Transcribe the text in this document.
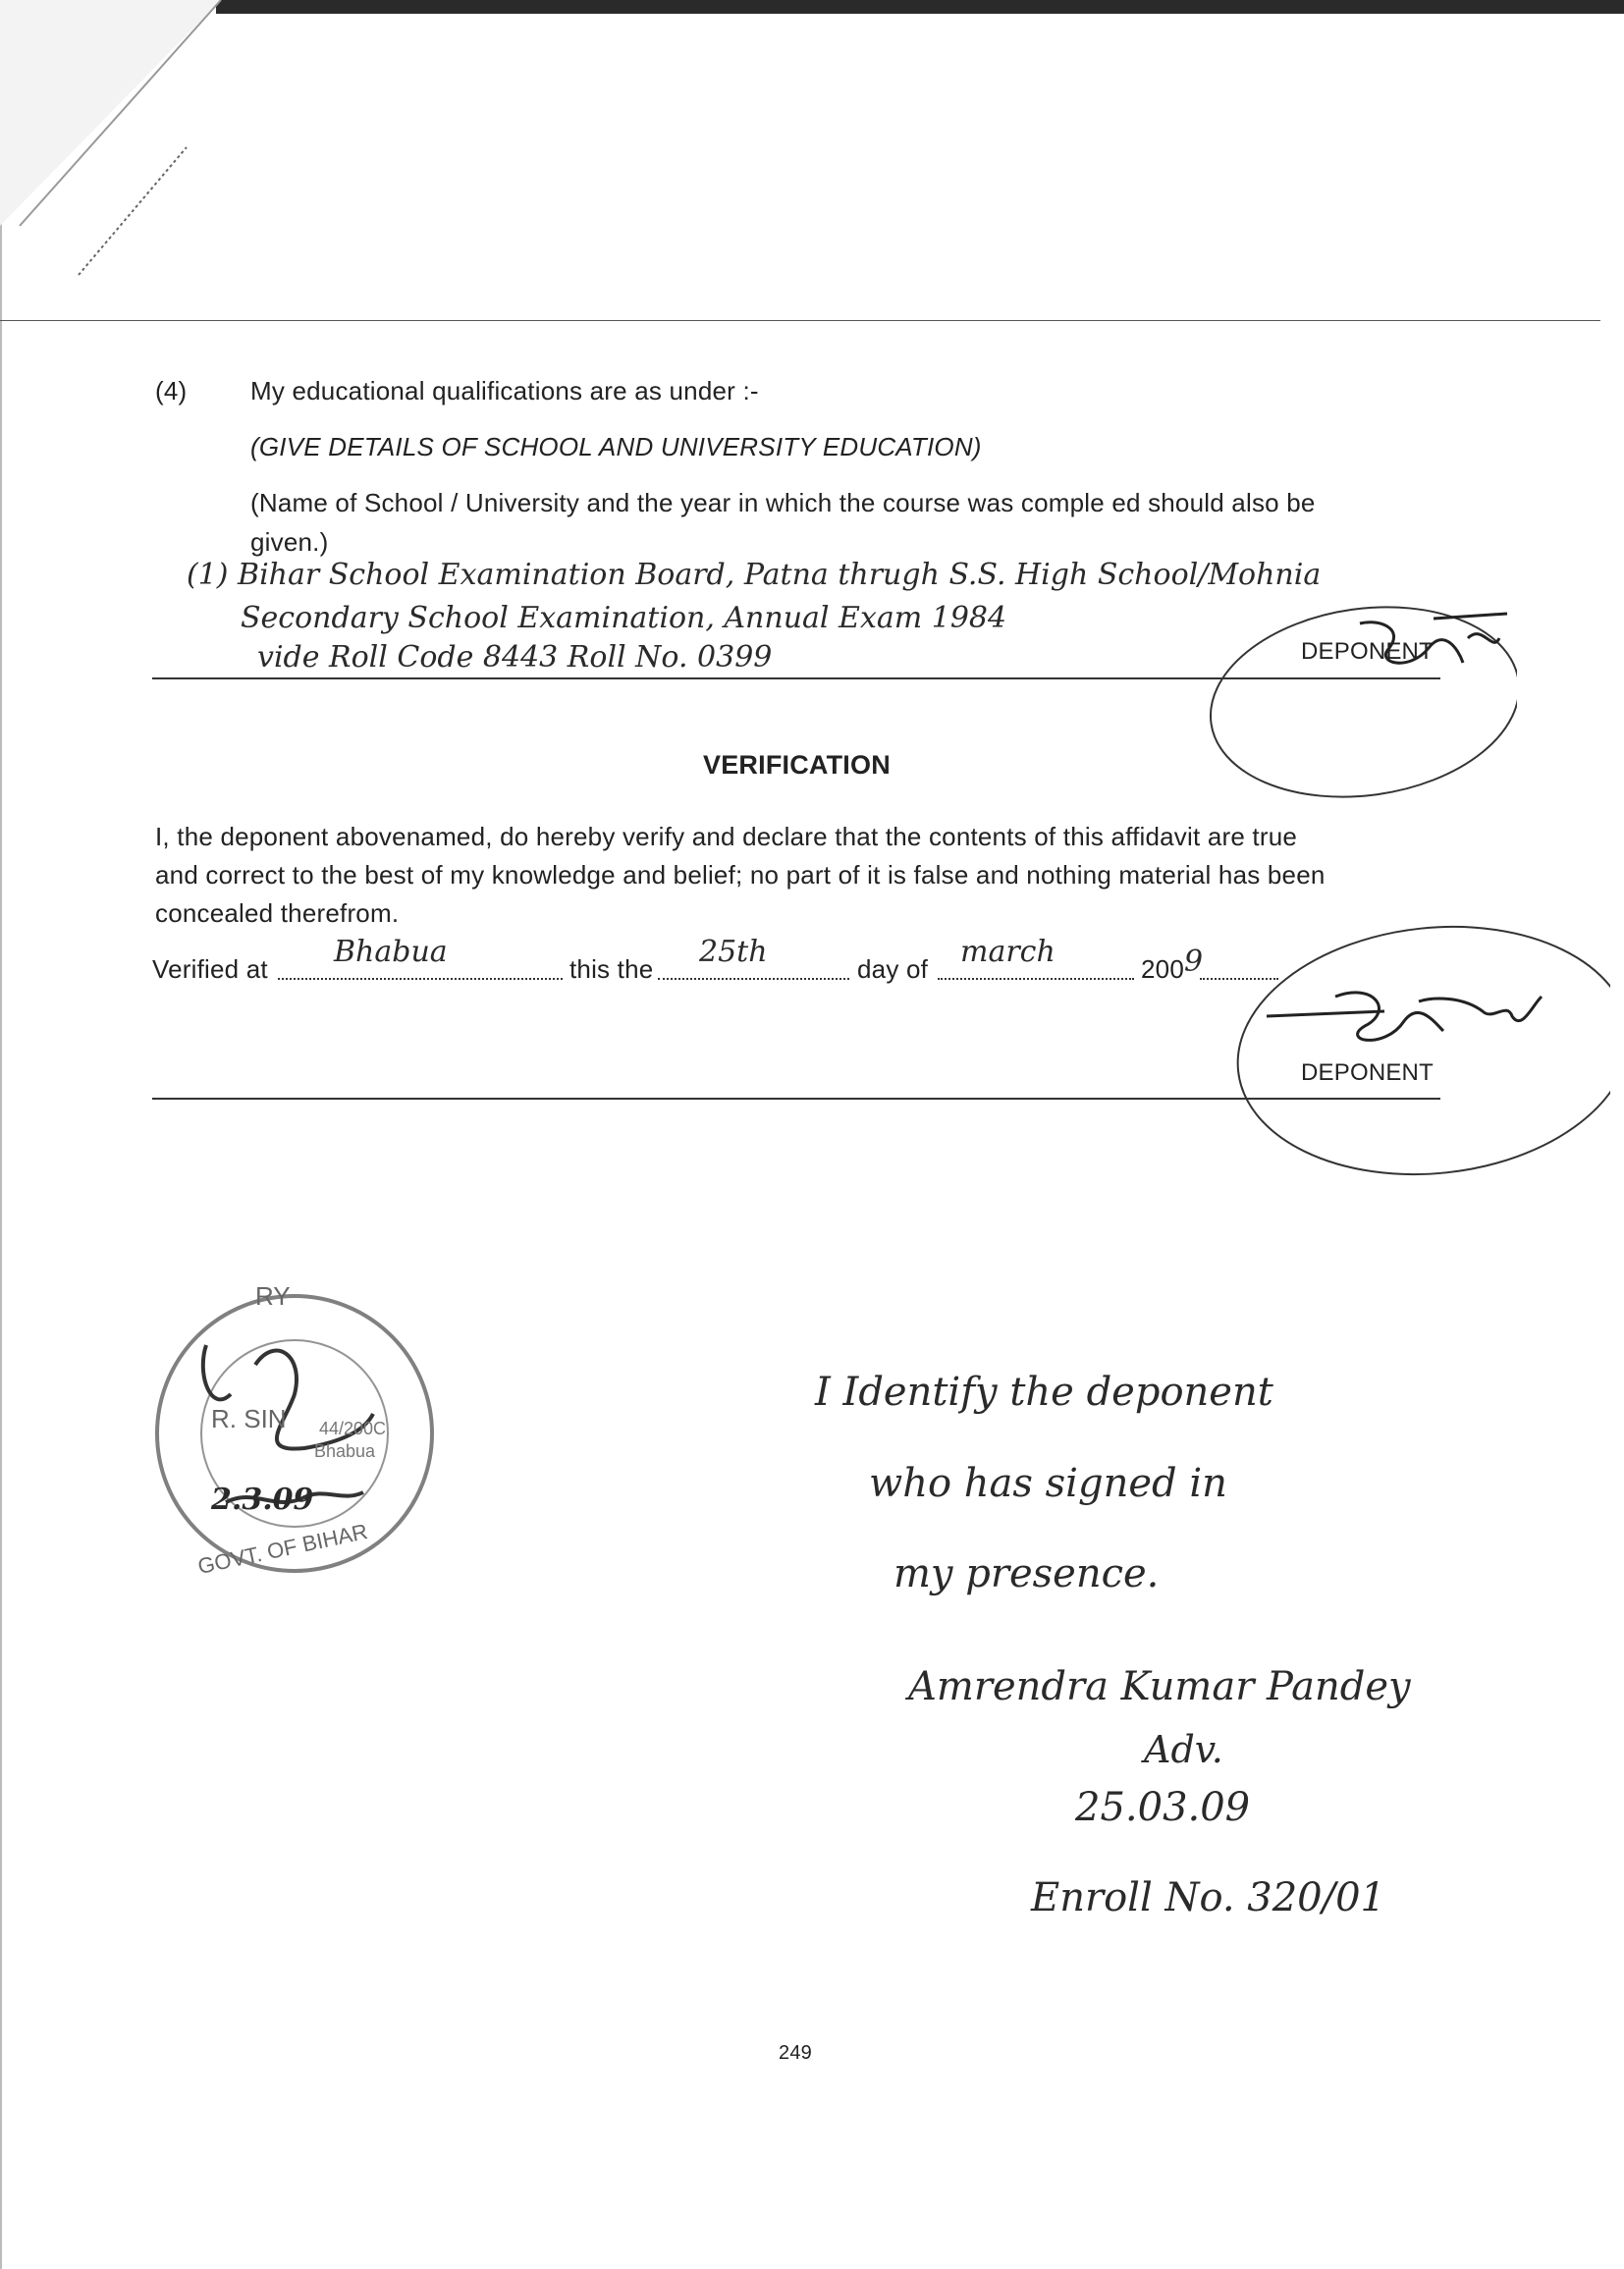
(4) My educational qualifications are as under :-
(GIVE DETAILS OF SCHOOL AND UNIVERSITY EDUCATION)
(Name of School / University and the year in which the course was comple ed should also be
given.)
(1) Bihar School Examination Board, Patna thrugh S.S. High School/Mohnia
Secondary School Examination, Annual Exam 1984
vide Roll Code 8443 Roll No. 0399	DEPONENT
VERIFICATION
I, the deponent abovenamed, do hereby verify and declare that the contents of this affidavit are true
and correct to the best of my knowledge and belief; no part of it is false and nothing material has been
concealed therefrom.
Verified at Bhabua	this the 25th	day of march	200 9
DEPONENT
RY
R. SIN 44/200C
Bhabua
2.3.09
GOVT. OF BIHAR
I Identify the deponent
who has signed in
my presence.
Amrendra Kumar Pandey
Adv.
25.03.09
Enroll No. 320/01
249
